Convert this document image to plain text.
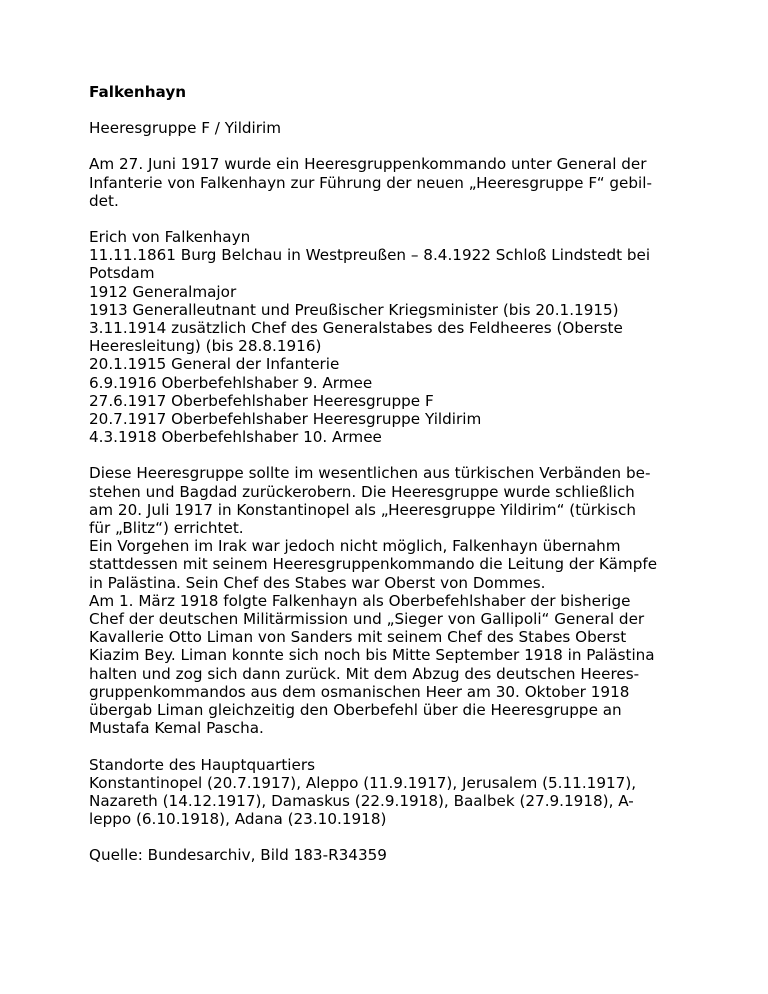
Falkenhayn
Heeresgruppe F / Yildirim
Am 27. Juni 1917 wurde ein Heeresgruppenkommando unter General der
Infanterie von Falkenhayn zur Führung der neuen „Heeresgruppe F“ gebil-
det.
Erich von Falkenhayn
11.11.1861 Burg Belchau in Westpreußen – 8.4.1922 Schloß Lindstedt bei
Potsdam
1912 Generalmajor
1913 Generalleutnant und Preußischer Kriegsminister (bis 20.1.1915)
3.11.1914 zusätzlich Chef des Generalstabes des Feldheeres (Oberste
Heeresleitung) (bis 28.8.1916)
20.1.1915 General der Infanterie
6.9.1916 Oberbefehlshaber 9. Armee
27.6.1917 Oberbefehlshaber Heeresgruppe F
20.7.1917 Oberbefehlshaber Heeresgruppe Yildirim
4.3.1918 Oberbefehlshaber 10. Armee
Diese Heeresgruppe sollte im wesentlichen aus türkischen Verbänden be-
stehen und Bagdad zurückerobern. Die Heeresgruppe wurde schließlich
am 20. Juli 1917 in Konstantinopel als „Heeresgruppe Yildirim“ (türkisch
für „Blitz“) errichtet.
Ein Vorgehen im Irak war jedoch nicht möglich, Falkenhayn übernahm
stattdessen mit seinem Heeresgruppenkommando die Leitung der Kämpfe
in Palästina. Sein Chef des Stabes war Oberst von Dommes.
Am 1. März 1918 folgte Falkenhayn als Oberbefehlshaber der bisherige
Chef der deutschen Militärmission und „Sieger von Gallipoli“ General der
Kavallerie Otto Liman von Sanders mit seinem Chef des Stabes Oberst
Kiazim Bey. Liman konnte sich noch bis Mitte September 1918 in Palästina
halten und zog sich dann zurück. Mit dem Abzug des deutschen Heeres-
gruppenkommandos aus dem osmanischen Heer am 30. Oktober 1918
übergab Liman gleichzeitig den Oberbefehl über die Heeresgruppe an
Mustafa Kemal Pascha.
Standorte des Hauptquartiers
Konstantinopel (20.7.1917), Aleppo (11.9.1917), Jerusalem (5.11.1917),
Nazareth (14.12.1917), Damaskus (22.9.1918), Baalbek (27.9.1918), A-
leppo (6.10.1918), Adana (23.10.1918)
Quelle: Bundesarchiv, Bild 183-R34359
